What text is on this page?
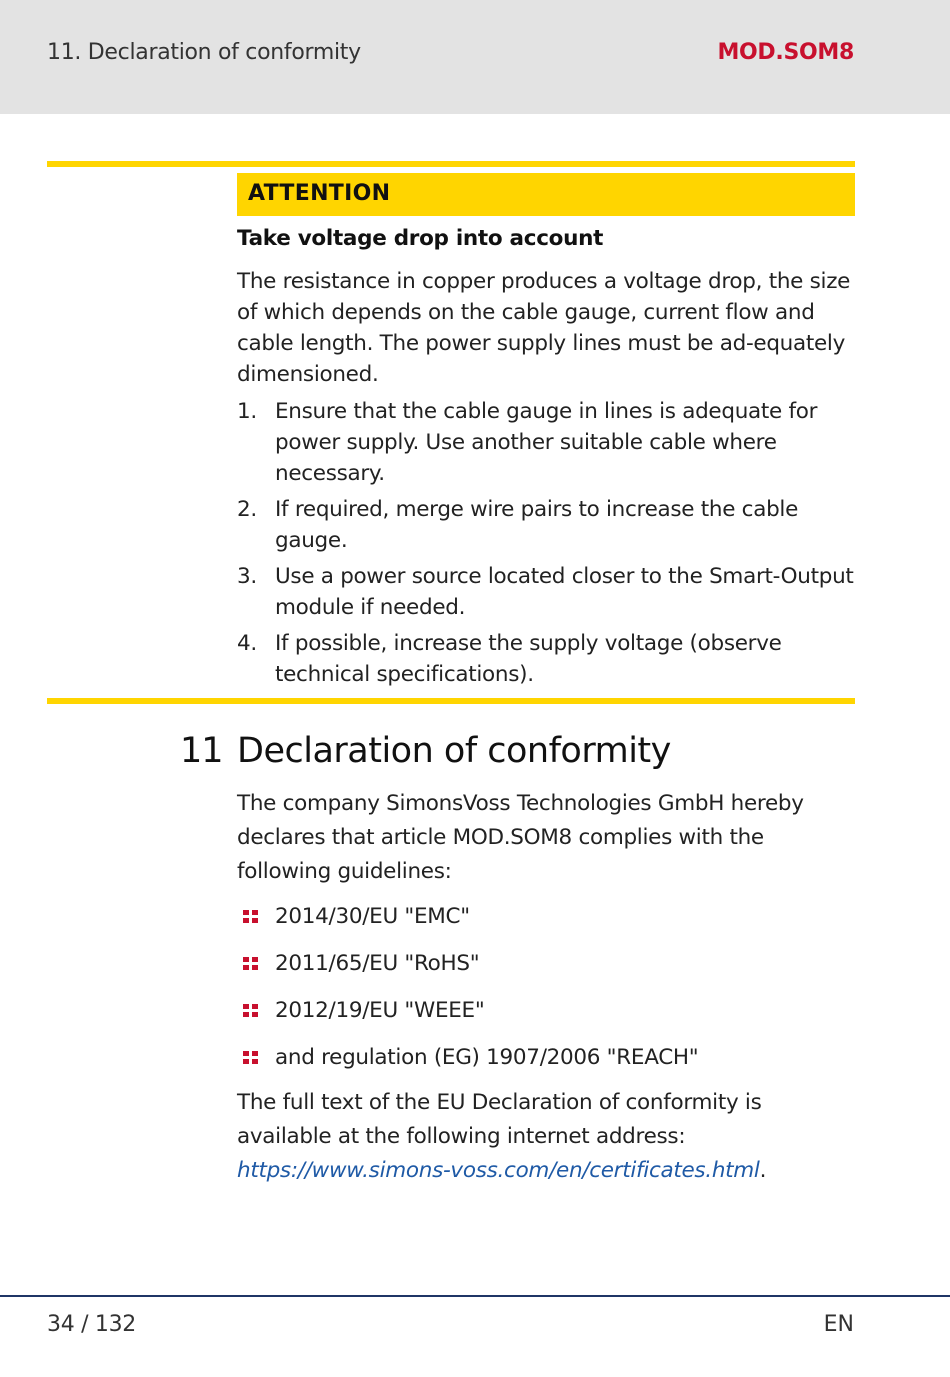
11. Declaration of conformity	MOD.SOM8
ATTENTION
Take voltage drop into account
The resistance in copper produces a voltage drop, the size of which depends on the cable gauge, current flow and cable length. The power supply lines must be ad-equately dimensioned.
1. Ensure that the cable gauge in lines is adequate for power supply. Use another suitable cable where necessary.
2. If required, merge wire pairs to increase the cable gauge.
3. Use a power source located closer to the Smart-Output module if needed.
4. If possible, increase the supply voltage (observe technical specifications).
11 Declaration of conformity
The company SimonsVoss Technologies GmbH hereby declares that article MOD.SOM8 complies with the following guidelines:
2014/30/EU "EMC"
2011/65/EU "RoHS"
2012/19/EU "WEEE"
and regulation (EG) 1907/2006 "REACH"
The full text of the EU Declaration of conformity is available at the following internet address: https://www.simons-voss.com/en/certificates.html.
34 / 132	EN
